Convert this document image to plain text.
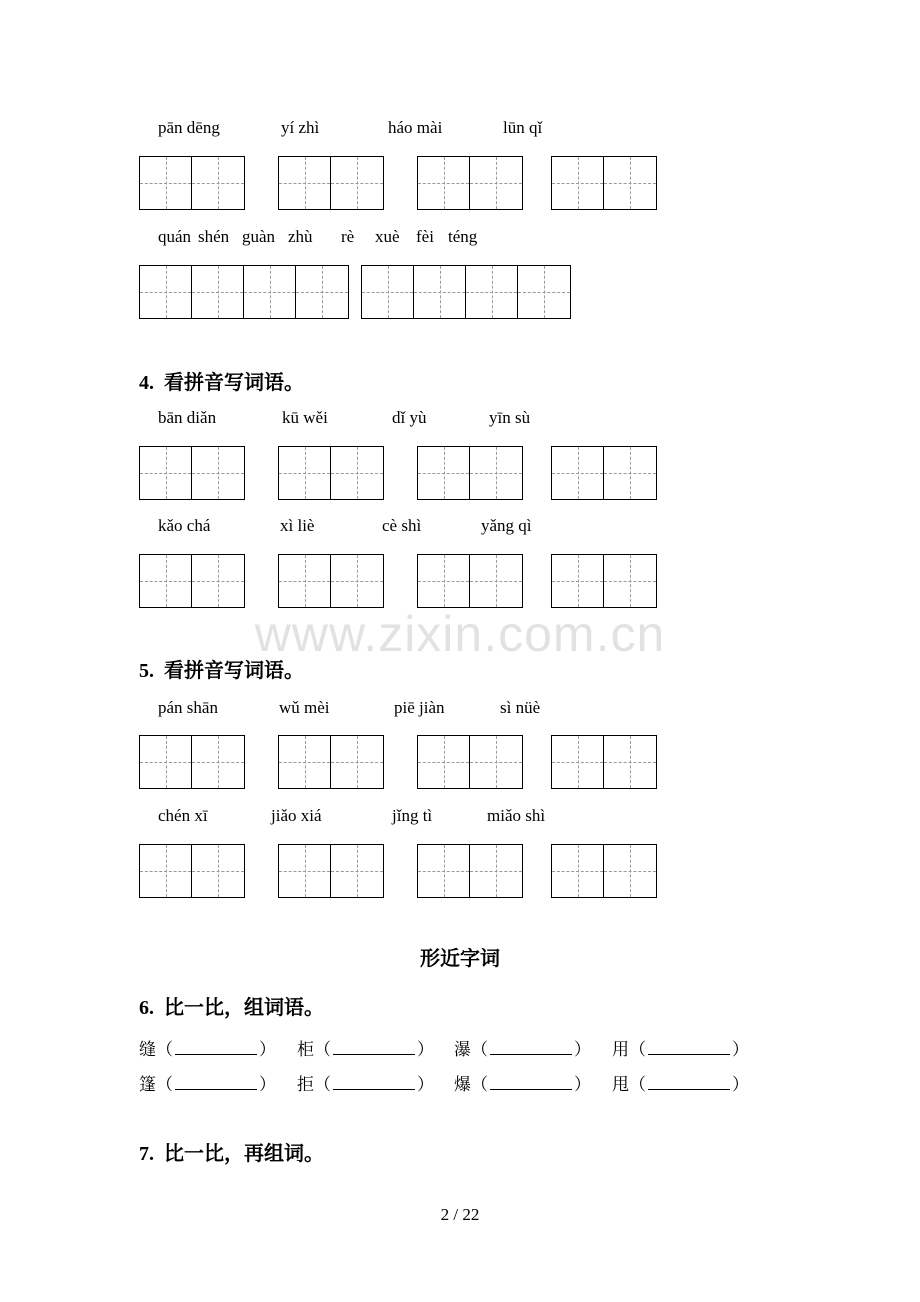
pān dēng	yí zhì	háo mài	lūn qǐ
quán shén guàn zhù rè xuè fèi téng
4. 看拼音写词语。
bān diǎn	kū wěi	dǐ yù	yīn sù
kǎo chá	xì liè	cè shì	yǎng qì
www.zixin.com.cn
5. 看拼音写词语。
pán shān	wǔ mèi	piē jiàn	sì nüè
chén xī	jiǎo xiá	jǐng tì	miǎo shì
形近字词
6. 比一比，组词语。
缝（	） 柜（	） 瀑（	） 用（	）
篷（	） 拒（	） 爆（	） 甩（	）
7. 比一比，再组词。
2 / 22
